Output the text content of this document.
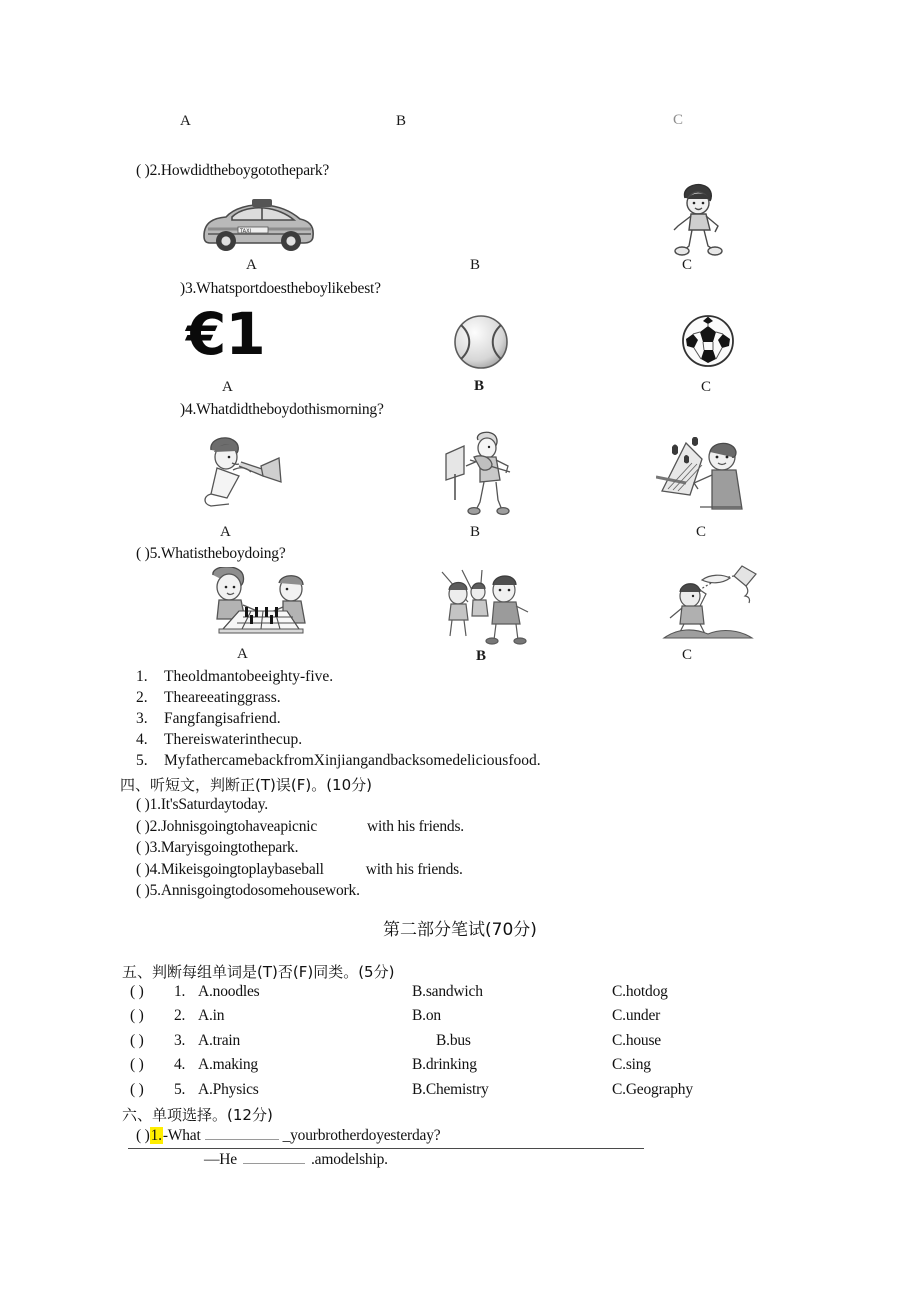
A	B	C
( )2.Howdidtheboygotothepark?
TAXI
A	B	C
)3.Whatsportdoestheboylikebest?
€1
A	B	C
)4.Whatdidtheboydothismorning?
A	B	C
( )5.Whatistheboydoing?
A	B	C
1.	Theoldmantobeeighty-five.
2.	Theareeatinggrass.
3.	Fangfangisafriend.
4.	Thereiswaterinthecup.
5.	MyfathercamebackfromXinjiangandbacksomedeliciousfood.
四、听短文，判断正(T)误(F)。(10分)
( )1.It'sSaturdaytoday.
( )2.Johnisgoingtohaveapicnic	with his friends.
( )3.Maryisgoingtothepark.
( )4.Mikeisgoingtoplaybaseball	with his friends.
( )5.Annisgoingtodosomehousework.
第二部分笔试(70分)
五、判断每组单词是(T)否(F)同类。(5分)
( )	1. A.noodles	B.sandwich	C.hotdog
( )	2. A.in	B.on	C.under
( )	3. A.train	B.bus	C.house
( )	4. A.making	B.drinking	C.sing
( )	5. A.Physics	B.Chemistry	C.Geography
六、单项选择。(12分)
( )1.-What	_yourbrotherdoyesterday?
—He	.amodelship.
